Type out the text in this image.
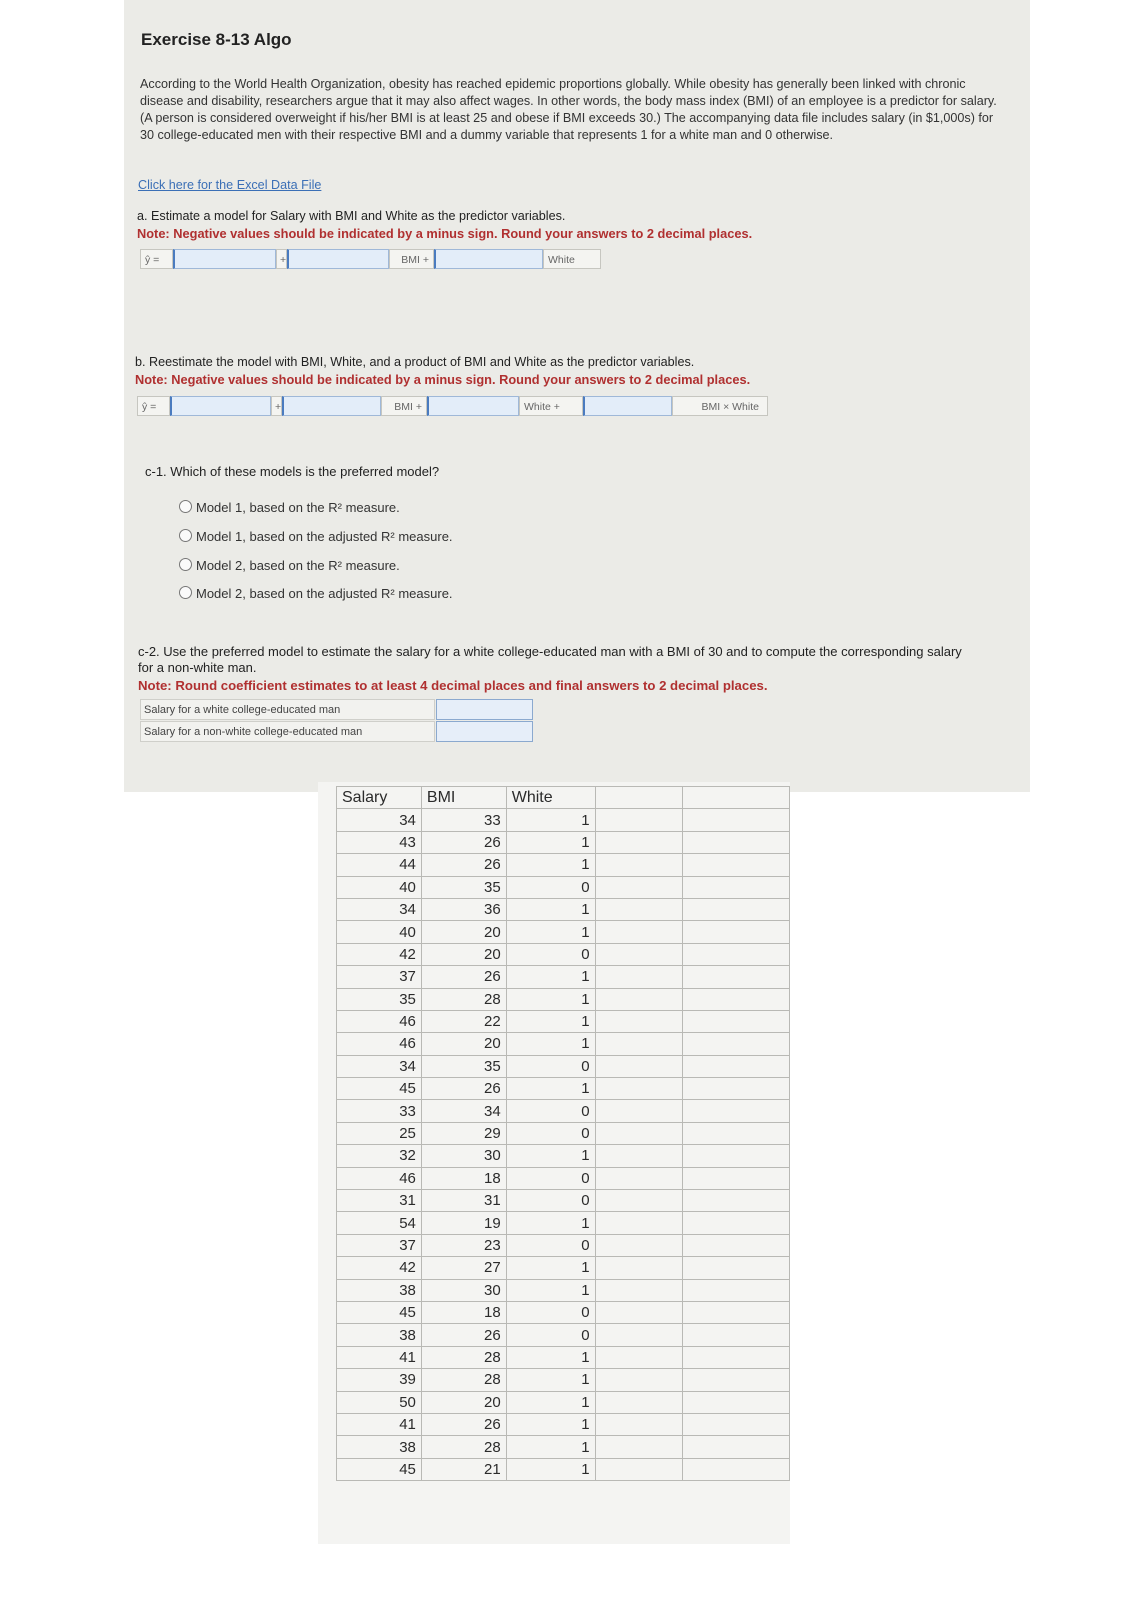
Exercise 8-13 Algo
According to the World Health Organization, obesity has reached epidemic proportions globally. While obesity has generally been linked with chronic disease and disability, researchers argue that it may also affect wages. In other words, the body mass index (BMI) of an employee is a predictor for salary. (A person is considered overweight if his/her BMI is at least 25 and obese if BMI exceeds 30.) The accompanying data file includes salary (in $1,000s) for 30 college-educated men with their respective BMI and a dummy variable that represents 1 for a white man and 0 otherwise.
Click here for the Excel Data File
a. Estimate a model for Salary with BMI and White as the predictor variables.
Note: Negative values should be indicated by a minus sign. Round your answers to 2 decimal places.
ŷ =	+	BMI +	White
b. Reestimate the model with BMI, White, and a product of BMI and White as the predictor variables.
Note: Negative values should be indicated by a minus sign. Round your answers to 2 decimal places.
ŷ =	+	BMI +	White +	BMI × White
c-1. Which of these models is the preferred model?
Model 1, based on the R² measure.
Model 1, based on the adjusted R² measure.
Model 2, based on the R² measure.
Model 2, based on the adjusted R² measure.
c-2. Use the preferred model to estimate the salary for a white college-educated man with a BMI of 30 and to compute the corresponding salary for a non-white man.
Note: Round coefficient estimates to at least 4 decimal places and final answers to 2 decimal places.
Salary for a white college-educated man
Salary for a non-white college-educated man
Salary	BMI	White		
34	33	1		
43	26	1		
44	26	1		
40	35	0		
34	36	1		
40	20	1		
42	20	0		
37	26	1		
35	28	1		
46	22	1		
46	20	1		
34	35	0		
45	26	1		
33	34	0		
25	29	0		
32	30	1		
46	18	0		
31	31	0		
54	19	1		
37	23	0		
42	27	1		
38	30	1		
45	18	0		
38	26	0		
41	28	1		
39	28	1		
50	20	1		
41	26	1		
38	28	1		
45	21	1		
